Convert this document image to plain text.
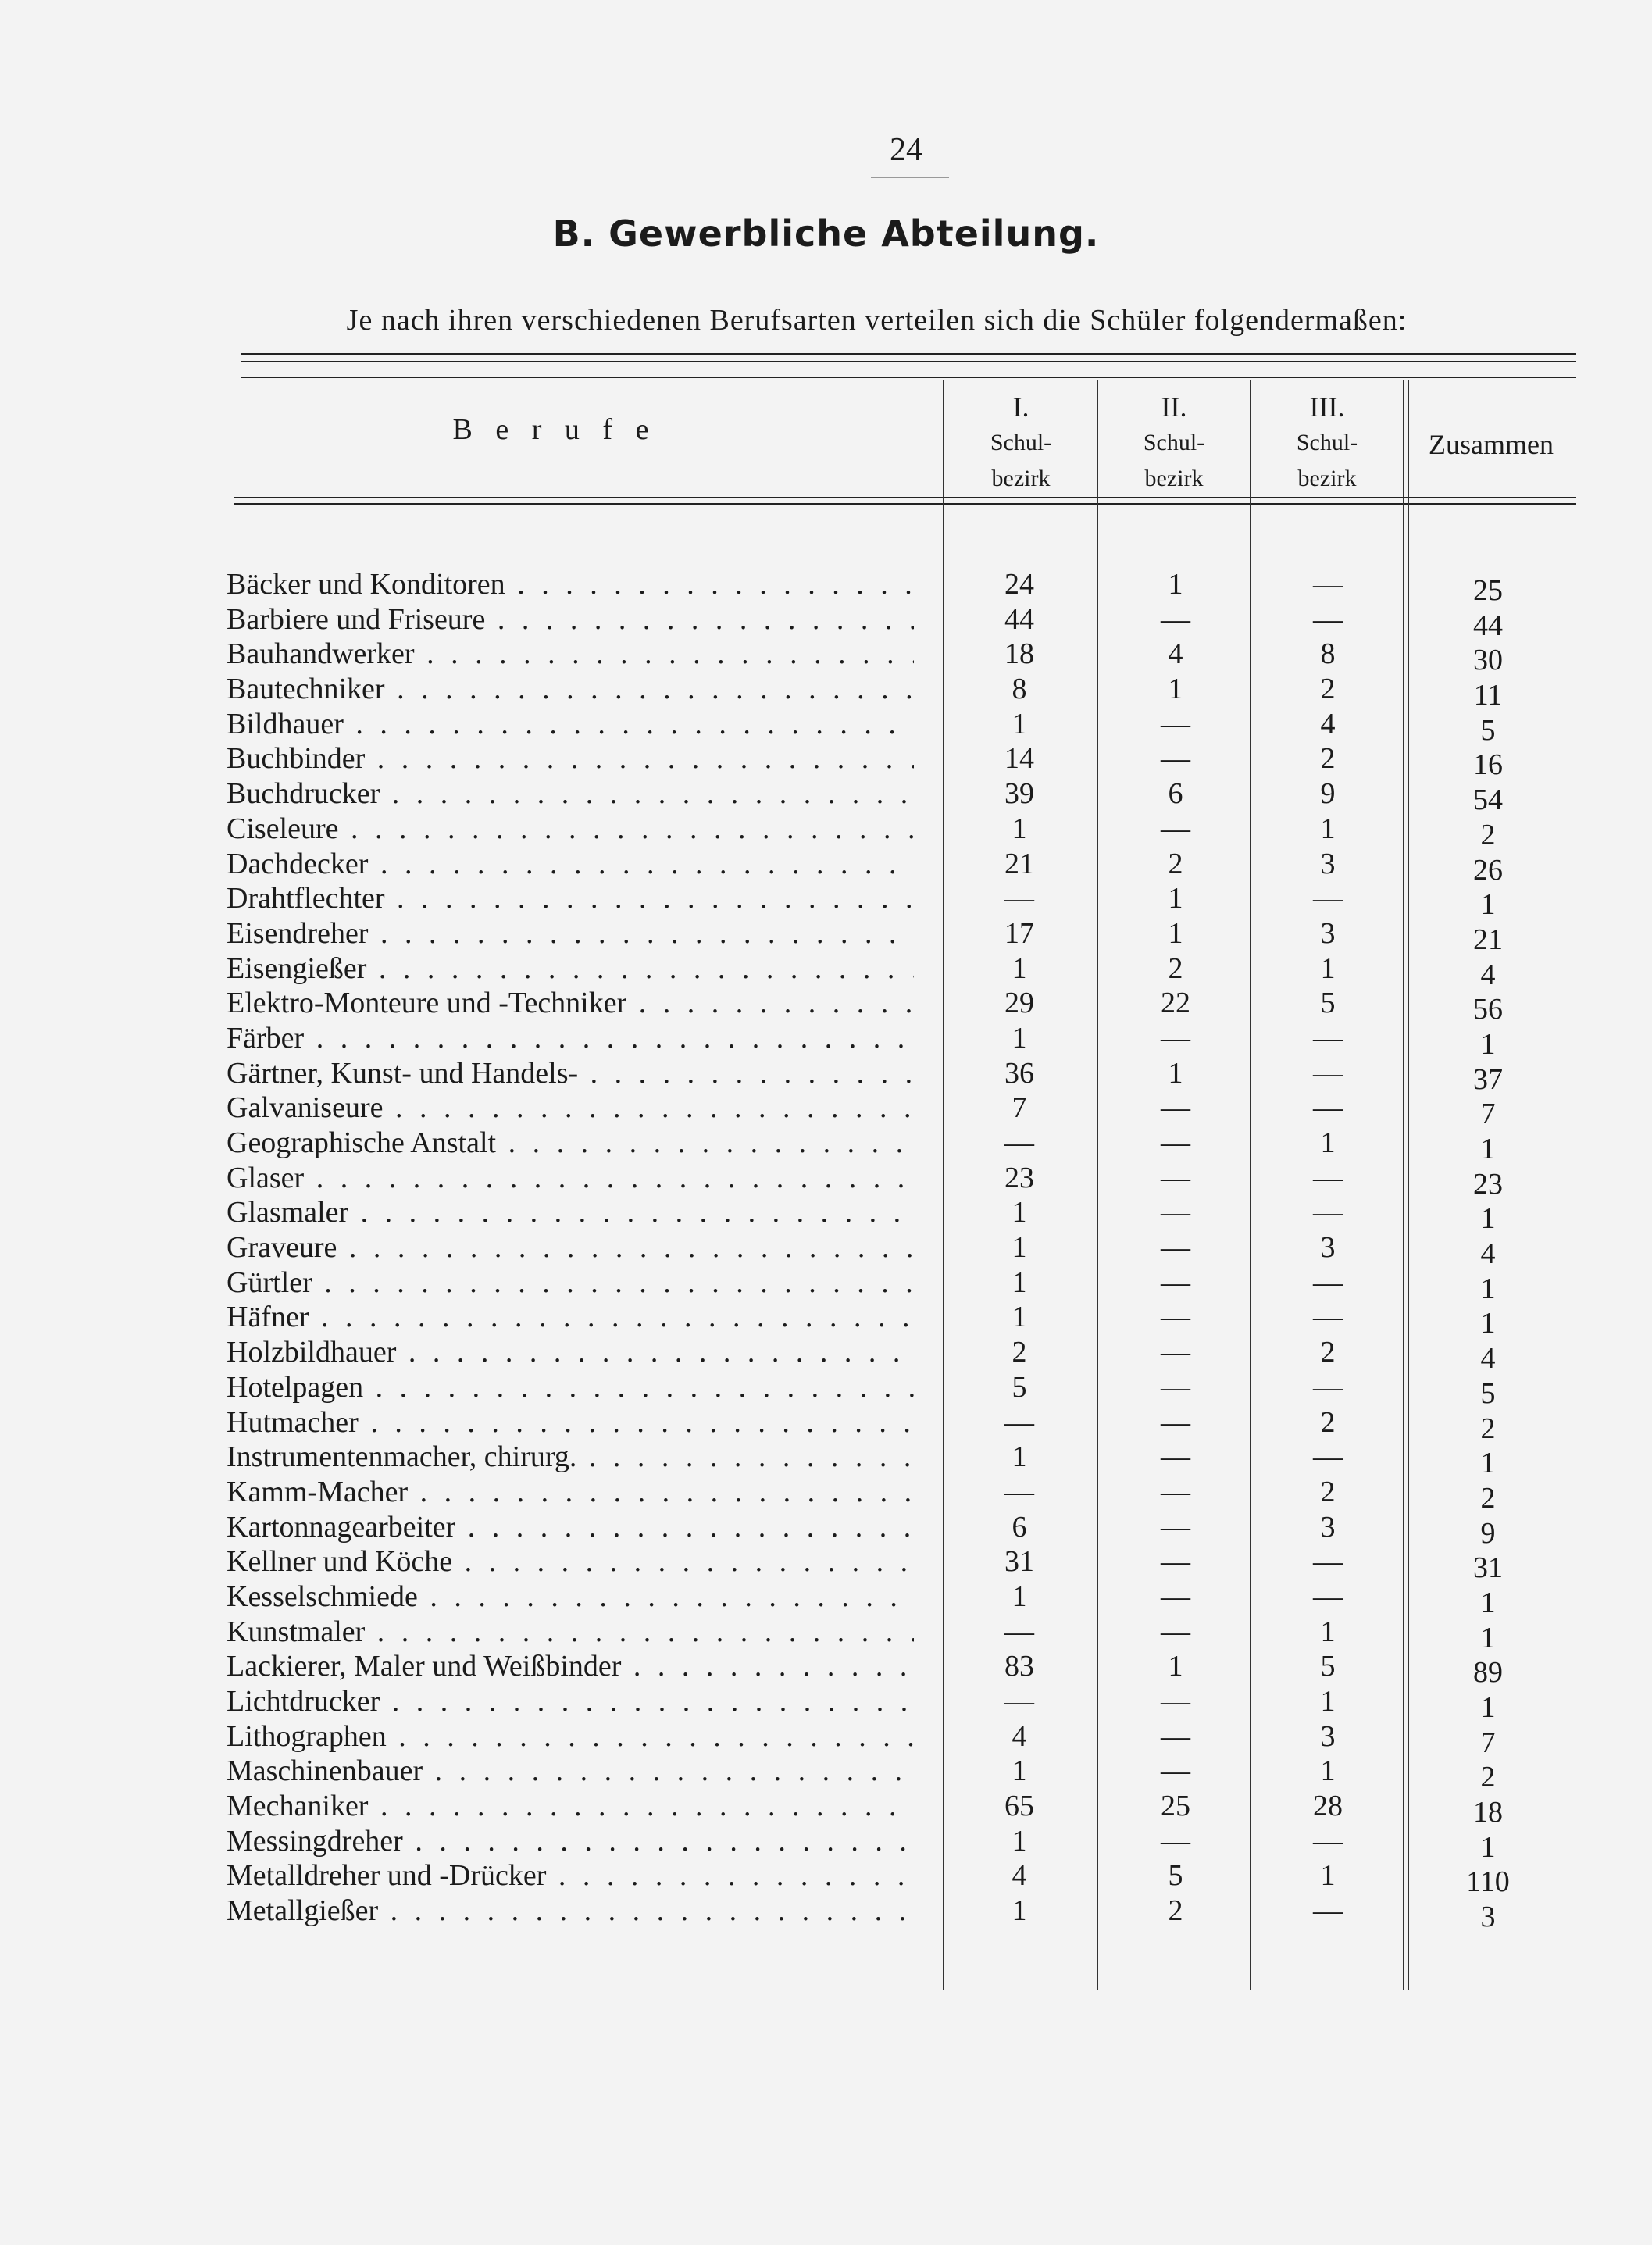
24
B. Gewerbliche Abteilung.
Je nach ihren verschiedenen Berufsarten verteilen sich die Schüler folgendermaßen:
B e r u f e
I.
Schul-
bezirk
II.
Schul-
bezirk
III.
Schul-
bezirk
Zusammen
Bäcker und Konditoren . . .	24	1	—	25
Barbiere und Friseure . . .	44	—	—	44
Bauhandwerker . . .	18	4	8	30
Bautechniker . . .	8	1	2	11
Bildhauer . . .	1	—	4	5
Buchbinder . . .	14	—	2	16
Buchdrucker . . .	39	6	9	54
Ciseleure . . .	1	—	1	2
Dachdecker . . .	21	2	3	26
Drahtflechter . . .	—	1	—	1
Eisendreher . . .	17	1	3	21
Eisengießer . . .	1	2	1	4
Elektro-Monteure und -Techniker . . .	29	22	5	56
Färber . . .	1	—	—	1
Gärtner, Kunst- und Handels- . . .	36	1	—	37
Galvaniseure . . .	7	—	—	7
Geographische Anstalt . . .	—	—	1	1
Glaser . . .	23	—	—	23
Glasmaler . . .	1	—	—	1
Graveure . . .	1	—	3	4
Gürtler . . .	1	—	—	1
Häfner . . .	1	—	—	1
Holzbildhauer . . .	2	—	2	4
Hotelpagen . . .	5	—	—	5
Hutmacher . . .	—	—	2	2
Instrumentenmacher, chirurg. . . .	1	—	—	1
Kamm-Macher . . .	—	—	2	2
Kartonnagearbeiter . . .	6	—	3	9
Kellner und Köche . . .	31	—	—	31
Kesselschmiede . . .	1	—	—	1
Kunstmaler . . .	—	—	1	1
Lackierer, Maler und Weißbinder . . .	83	1	5	89
Lichtdrucker . . .	—	—	1	1
Lithographen . . .	4	—	3	7
Maschinenbauer . . .	1	—	1	2
Mechaniker . . .	65	25	28	18
Messingdreher . . .	1	—	—	1
Metalldreher und -Drücker . . .	4	5	1	110
Metallgießer . . .	1	2	—	3
